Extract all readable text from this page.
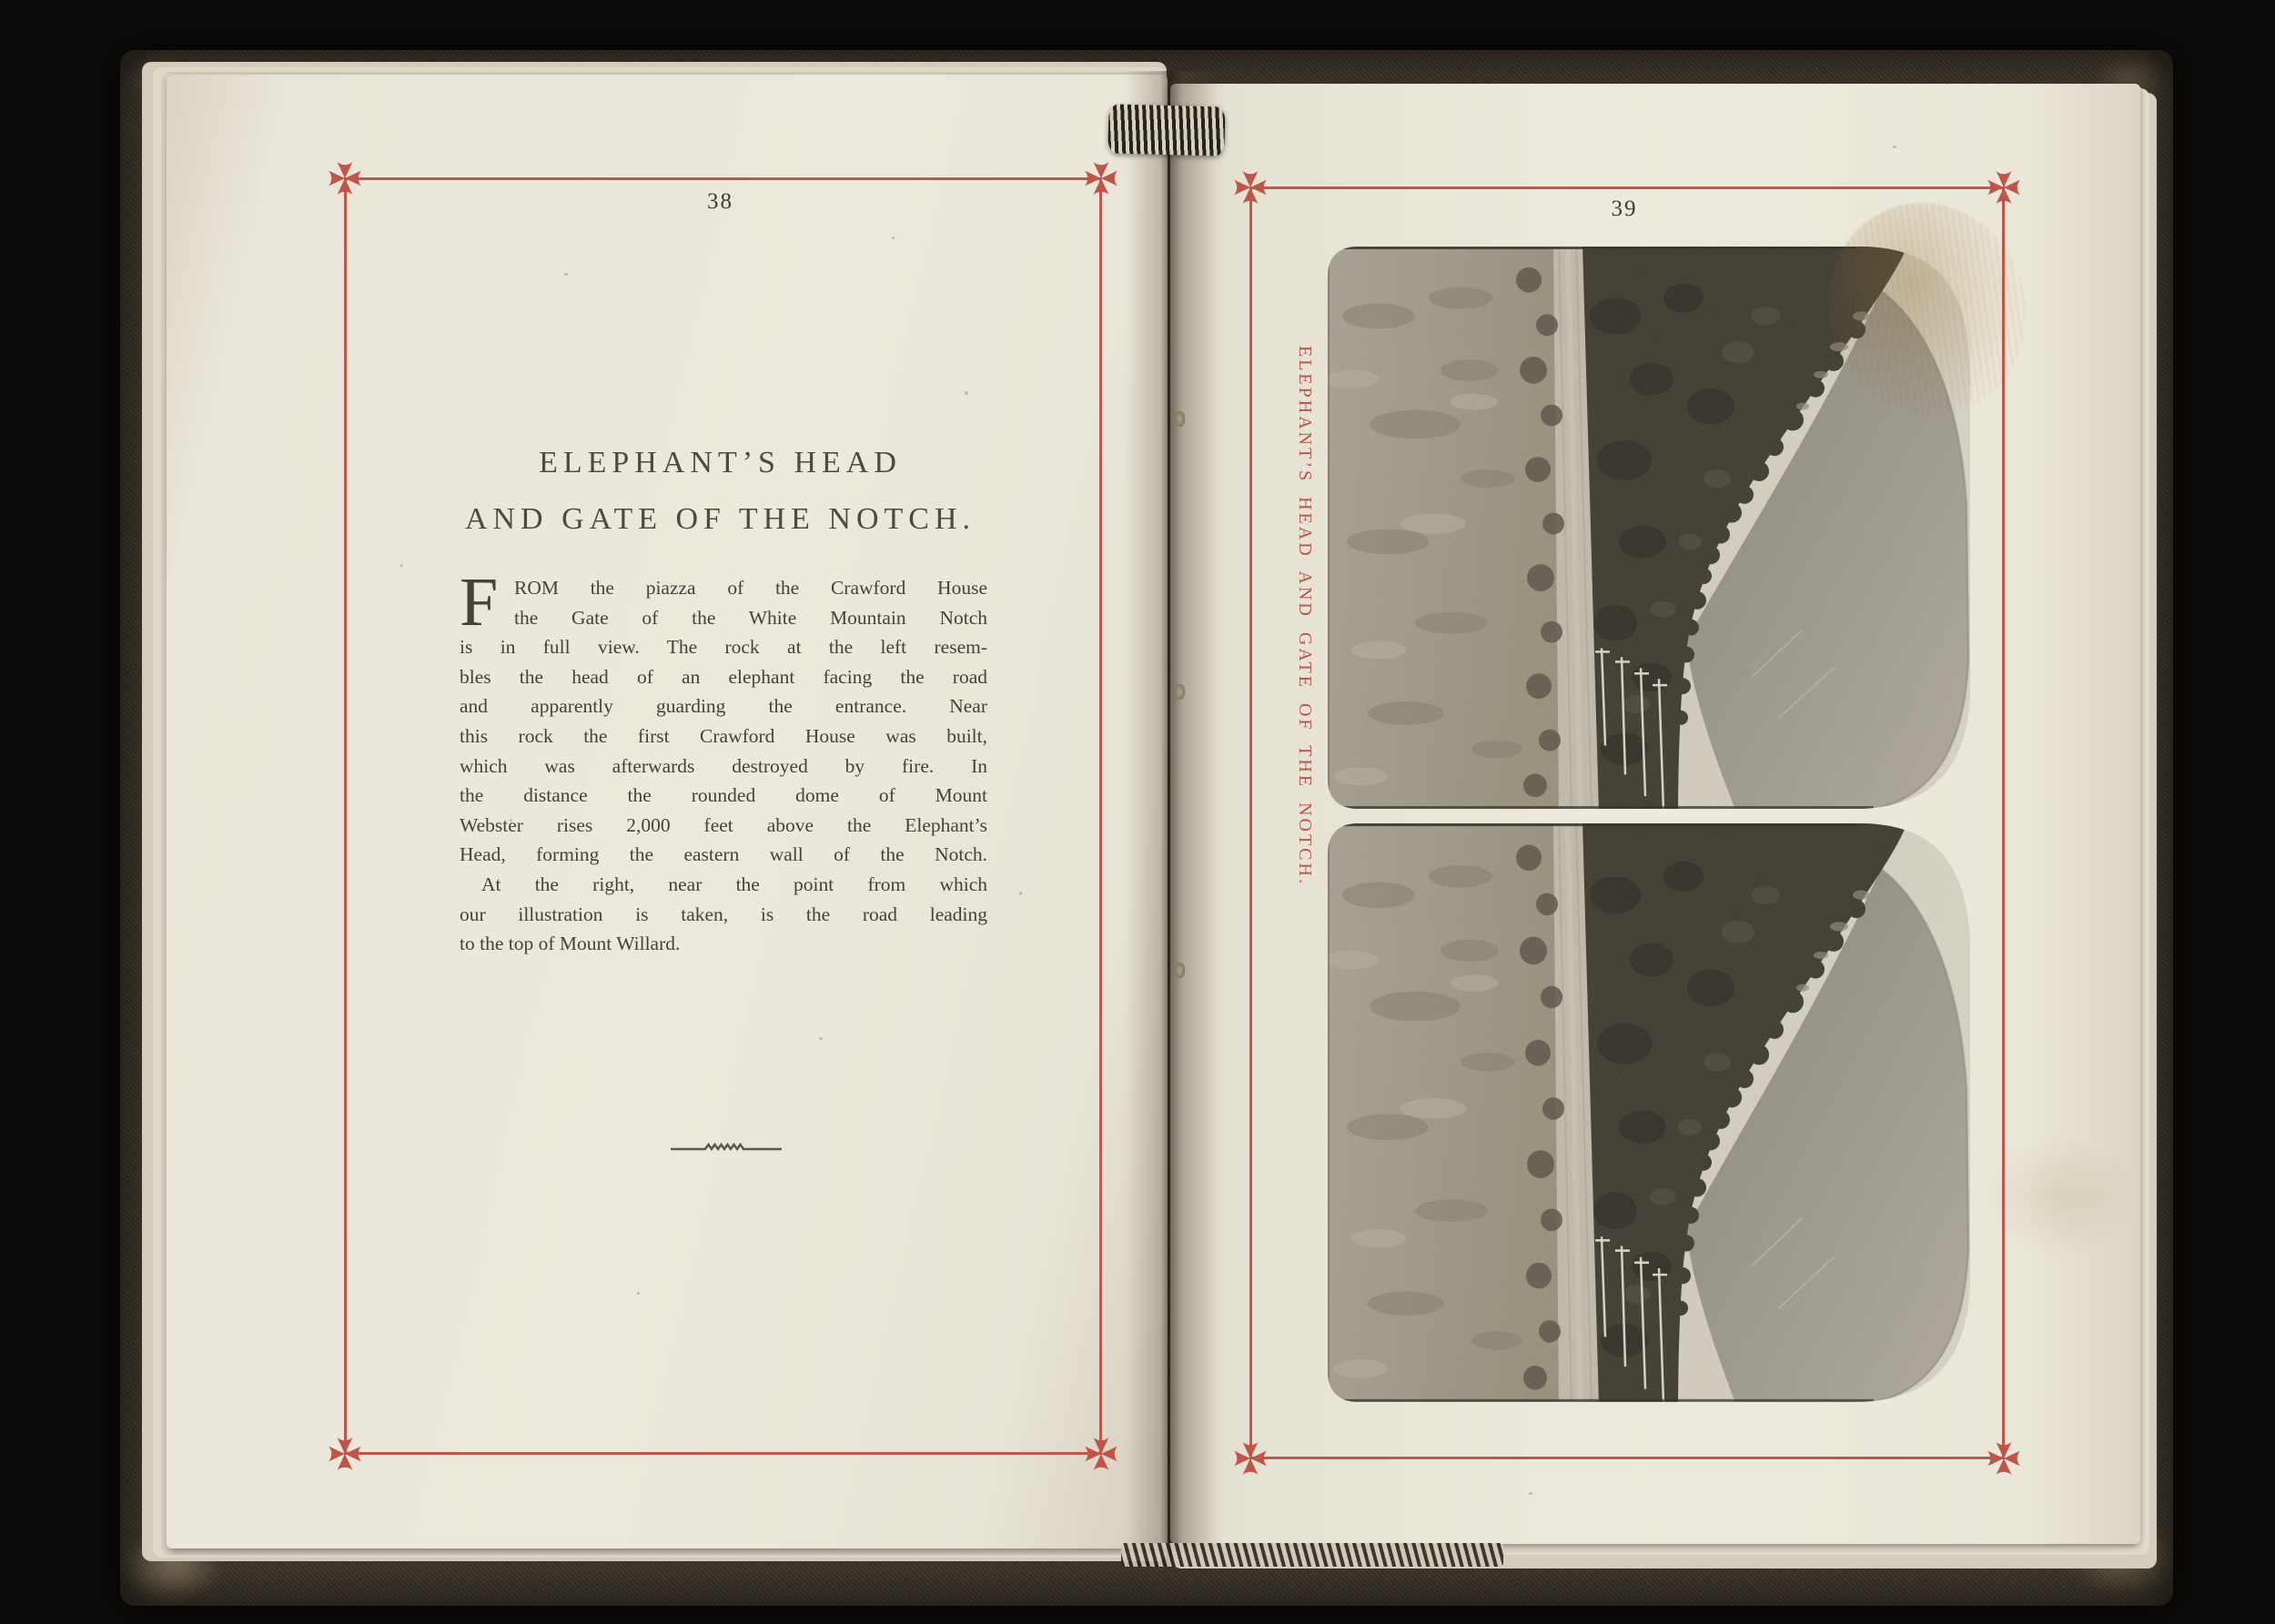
38
ELEPHANT’S HEAD
AND GATE OF THE NOTCH.
F ROM the piazza of the Crawford House
the Gate of the White Mountain Notch
is in full view. The rock at the left resem-
bles the head of an elephant facing the road
and apparently guarding the entrance. Near
this rock the first Crawford House was built,
which was afterwards destroyed by fire. In
the distance the rounded dome of Mount
Webster rises 2,000 feet above the Elephant’s
Head, forming the eastern wall of the Notch.
At the right, near the point from which
our illustration is taken, is the road leading
to the top of Mount Willard.
39
ELEPHANT’S HEAD AND GATE OF THE NOTCH.
